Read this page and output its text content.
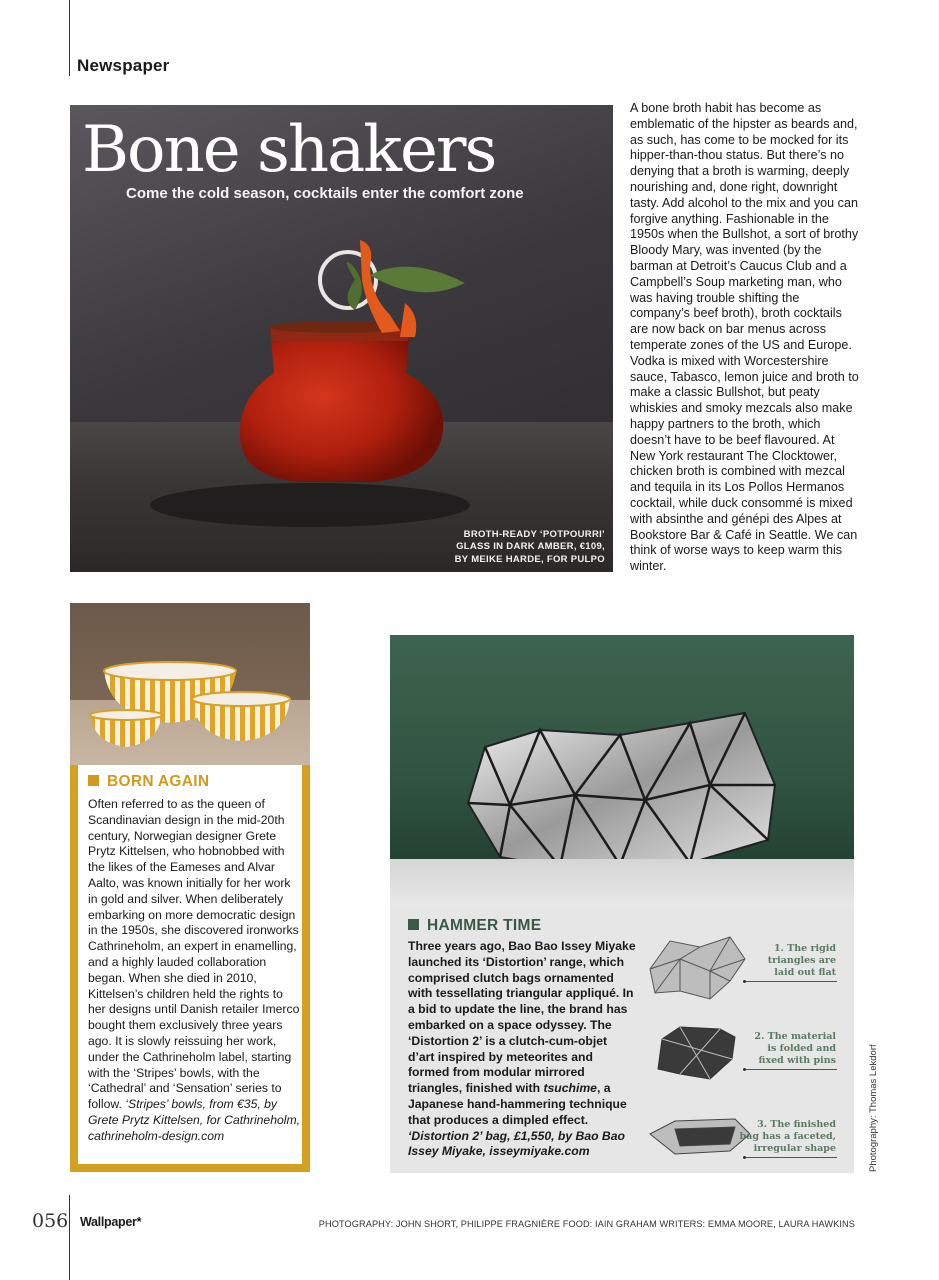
Newspaper
Bone shakers
Come the cold season, cocktails enter the comfort zone
BROTH-READY ‘POTPOURRI’
GLASS IN DARK AMBER, €109,
BY MEIKE HARDE, FOR PULPO
A bone broth habit has become as emblematic of the hipster as beards and, as such, has come to be mocked for its hipper-than-thou status. But there’s no denying that a broth is warming, deeply nourishing and, done right, downright tasty. Add alcohol to the mix and you can forgive anything. Fashionable in the 1950s when the Bullshot, a sort of brothy Bloody Mary, was invented (by the barman at Detroit’s Caucus Club and a Campbell’s Soup marketing man, who was having trouble shifting the company’s beef broth), broth cocktails are now back on bar menus across temperate zones of the US and Europe. Vodka is mixed with Worcestershire sauce, Tabasco, lemon juice and broth to make a classic Bullshot, but peaty whiskies and smoky mezcals also make happy partners to the broth, which doesn’t have to be beef flavoured. At New York restaurant The Clocktower, chicken broth is combined with mezcal and tequila in its Los Pollos Hermanos cocktail, while duck consommé is mixed with absinthe and génépi des Alpes at Bookstore Bar & Café in Seattle. We can think of worse ways to keep warm this winter.
BORN AGAIN
Often referred to as the queen of Scandinavian design in the mid-20th century, Norwegian designer Grete Prytz Kittelsen, who hobnobbed with the likes of the Eameses and Alvar Aalto, was known initially for her work in gold and silver. When deliberately embarking on more democratic design in the 1950s, she discovered ironworks Cathrineholm, an expert in enamelling, and a highly lauded collaboration began. When she died in 2010, Kittelsen’s children held the rights to her designs until Danish retailer Imerco bought them exclusively three years ago. It is slowly reissuing her work, under the Cathrineholm label, starting with the ‘Stripes’ bowls, with the ‘Cathedral’ and ‘Sensation’ series to follow. ‘Stripes’ bowls, from €35, by Grete Prytz Kittelsen, for Cathrineholm, cathrineholm-design.com
HAMMER TIME
Three years ago, Bao Bao Issey Miyake launched its ‘Distortion’ range, which comprised clutch bags ornamented with tessellating triangular appliqué. In a bid to update the line, the brand has embarked on a space odyssey. The ‘Distortion 2’ is a clutch-cum-objet d’art inspired by meteorites and formed from modular mirrored triangles, finished with tsuchime, a Japanese hand-hammering technique that produces a dimpled effect. ‘Distortion 2’ bag, £1,550, by Bao Bao Issey Miyake, isseymiyake.com
1. The rigid
triangles are
laid out flat
2. The material
is folded and
fixed with pins
3. The finished
bag has a faceted,
irregular shape	Photography: Thomas Lekdorf
056 Wallpaper*	PHOTOGRAPHY: JOHN SHORT, PHILIPPE FRAGNIÈRE FOOD: IAIN GRAHAM WRITERS: EMMA MOORE, LAURA HAWKINS
